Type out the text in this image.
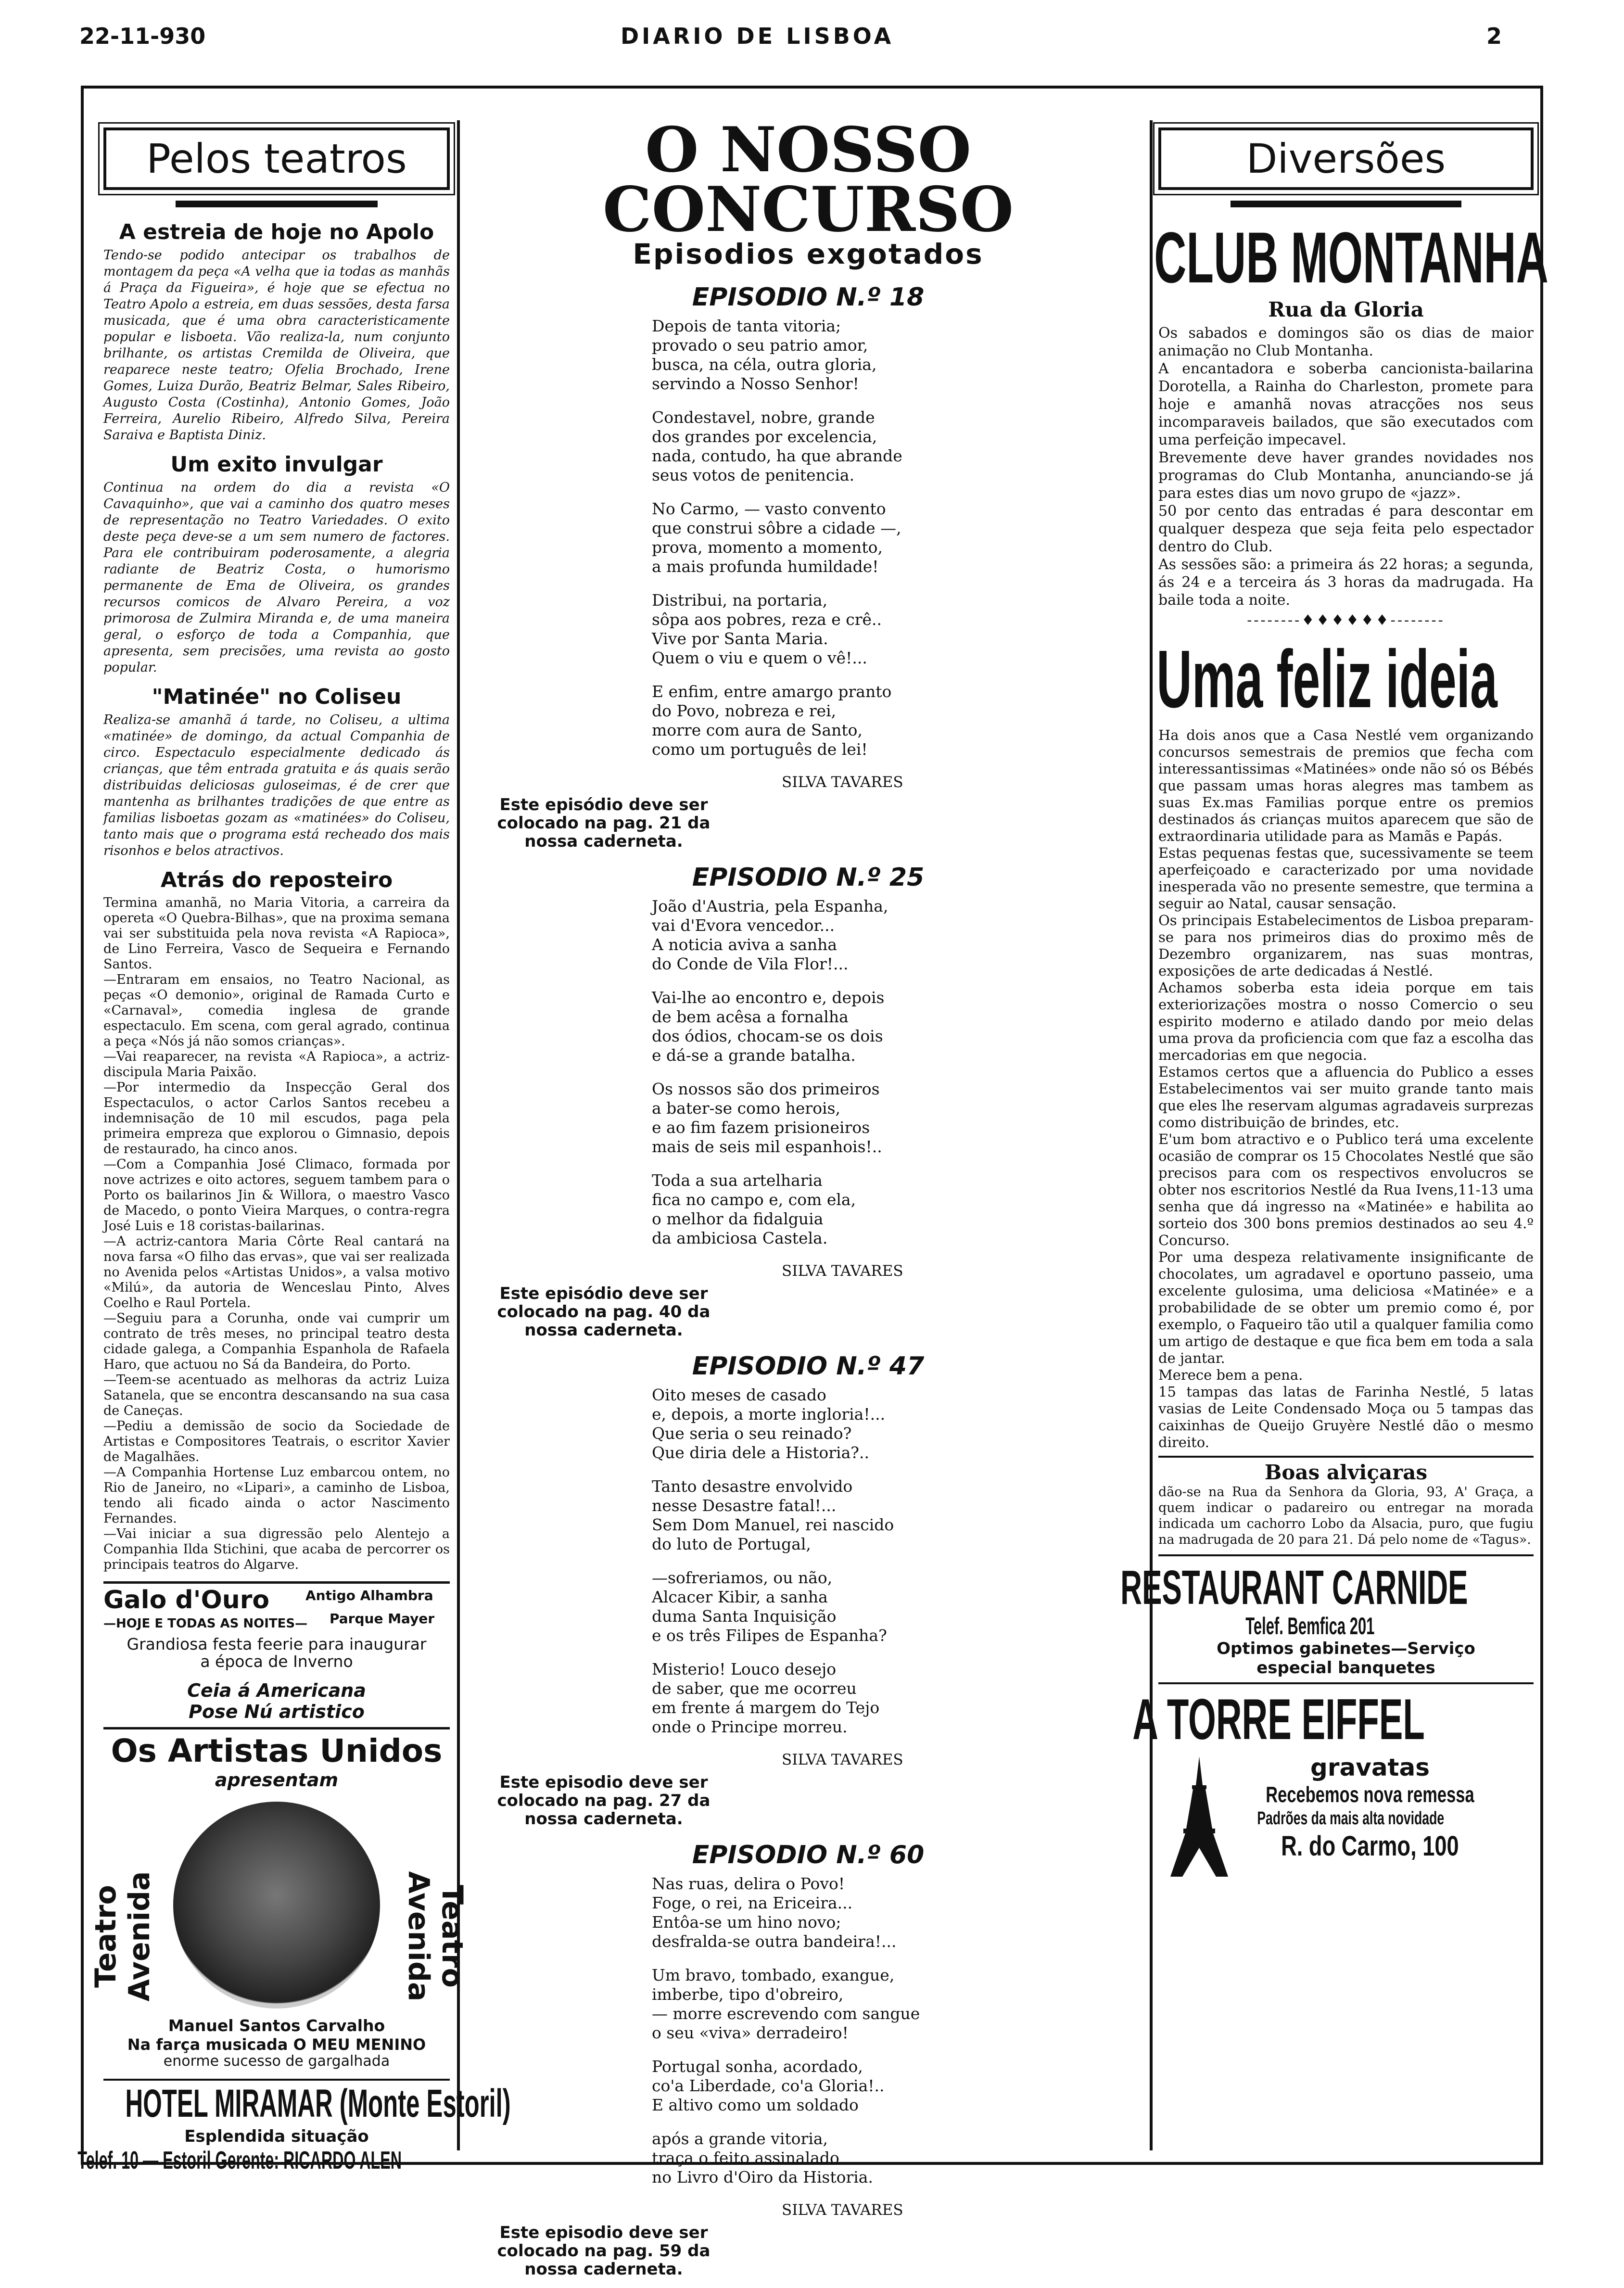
22-11-930	DIARIO DE LISBOA	2
Pelos teatros
A estreia de hoje no Apolo
Tendo-se podido antecipar os trabalhos de montagem da peça «A velha que ia todas as manhãs á Praça da Figueira», é hoje que se efectua no Teatro Apolo a estreia, em duas sessões, desta farsa musicada, que é uma obra caracteristicamente popular e lisboeta. Vão realiza-la, num conjunto brilhante, os artistas Cremilda de Oliveira, que reaparece neste teatro; Ofelia Brochado, Irene Gomes, Luiza Durão, Beatriz Belmar, Sales Ribeiro, Augusto Costa (Costinha), Antonio Gomes, João Ferreira, Aurelio Ribeiro, Alfredo Silva, Pereira Saraiva e Baptista Diniz.
Um exito invulgar
Continua na ordem do dia a revista «O Cavaquinho», que vai a caminho dos quatro meses de representação no Teatro Variedades. O exito deste peça deve-se a um sem numero de factores. Para ele contribuiram poderosamente, a alegria radiante de Beatriz Costa, o humorismo permanente de Ema de Oliveira, os grandes recursos comicos de Alvaro Pereira, a voz primorosa de Zulmira Miranda e, de uma maneira geral, o esforço de toda a Companhia, que apresenta, sem precisões, uma revista ao gosto popular.
"Matinée" no Coliseu
Realiza-se amanhã á tarde, no Coliseu, a ultima «matinée» de domingo, da actual Companhia de circo. Espectaculo especialmente dedicado ás crianças, que têm entrada gratuita e ás quais serão distribuidas deliciosas guloseimas, é de crer que mantenha as brilhantes tradições de que entre as familias lisboetas gozam as «matinées» do Coliseu, tanto mais que o programa está recheado dos mais risonhos e belos atractivos.
Atrás do reposteiro
Termina amanhã, no Maria Vitoria, a carreira da opereta «O Quebra-Bilhas», que na proxima semana vai ser substituida pela nova revista «A Rapioca», de Lino Ferreira, Vasco de Sequeira e Fernando Santos.
—Entraram em ensaios, no Teatro Nacional, as peças «O demonio», original de Ramada Curto e «Carnaval», comedia inglesa de grande espectaculo. Em scena, com geral agrado, continua a peça «Nós já não somos crianças».
—Vai reaparecer, na revista «A Rapioca», a actriz-discipula Maria Paixão.
—Por intermedio da Inspecção Geral dos Espectaculos, o actor Carlos Santos recebeu a indemnisação de 10 mil escudos, paga pela primeira empreza que explorou o Gimnasio, depois de restaurado, ha cinco anos.
—Com a Companhia José Climaco, formada por nove actrizes e oito actores, seguem tambem para o Porto os bailarinos Jin & Willora, o maestro Vasco de Macedo, o ponto Vieira Marques, o contra-regra José Luis e 18 coristas-bailarinas.
—A actriz-cantora Maria Côrte Real cantará na nova farsa «O filho das ervas», que vai ser realizada no Avenida pelos «Artistas Unidos», a valsa motivo «Milú», da autoria de Wenceslau Pinto, Alves Coelho e Raul Portela.
—Seguiu para a Corunha, onde vai cumprir um contrato de três meses, no principal teatro desta cidade galega, a Companhia Espanhola de Rafaela Haro, que actuou no Sá da Bandeira, do Porto.
—Teem-se acentuado as melhoras da actriz Luiza Satanela, que se encontra descansando na sua casa de Caneças.
—Pediu a demissão de socio da Sociedade de Artistas e Compositores Teatrais, o escritor Xavier de Magalhães.
—A Companhia Hortense Luz embarcou ontem, no Rio de Janeiro, no «Lipari», a caminho de Lisboa, tendo ali ficado ainda o actor Nascimento Fernandes.
—Vai iniciar a sua digressão pelo Alentejo a Companhia Ilda Stichini, que acaba de percorrer os principais teatros do Algarve.
Galo d'Ouro
—HOJE E TODAS AS NOITES—
Antigo Alhambra
Parque Mayer
Grandiosa festa feerie para inaugurar
a época de Inverno
Ceia á Americana
Pose Nú artistico
Os Artistas Unidos
apresentam
Teatro Avenida	Teatro Avenida
Manuel Santos Carvalho
Na farça musicada O MEU MENINO
enorme sucesso de gargalhada
HOTEL MIRAMAR (Monte Estoril)
Esplendida situação
Telef. 10 — Estoril Gerente: RICARDO ALEN
O NOSSO CONCURSO
Episodios exgotados
EPISODIO N.º 18
Depois de tanta vitoria;
provado o seu patrio amor,
busca, na céla, outra gloria,
servindo a Nosso Senhor!
Condestavel, nobre, grande
dos grandes por excelencia,
nada, contudo, ha que abrande
seus votos de penitencia.
No Carmo, — vasto convento
que construi sôbre a cidade —,
prova, momento a momento,
a mais profunda humildade!
Distribui, na portaria,
sôpa aos pobres, reza e crê..
Vive por Santa Maria.
Quem o viu e quem o vê!...
E enfim, entre amargo pranto
do Povo, nobreza e rei,
morre com aura de Santo,
como um português de lei!
SILVA TAVARES
Este episódio deve ser colocado na pag. 21 da nossa caderneta.
EPISODIO N.º 25
João d'Austria, pela Espanha,
vai d'Evora vencedor...
A noticia aviva a sanha
do Conde de Vila Flor!...
Vai-lhe ao encontro e, depois
de bem acêsa a fornalha
dos ódios, chocam-se os dois
e dá-se a grande batalha.
Os nossos são dos primeiros
a bater-se como herois,
e ao fim fazem prisioneiros
mais de seis mil espanhois!..
Toda a sua artelharia
fica no campo e, com ela,
o melhor da fidalguia
da ambiciosa Castela.
SILVA TAVARES
Este episódio deve ser colocado na pag. 40 da nossa caderneta.
EPISODIO N.º 47
Oito meses de casado
e, depois, a morte ingloria!...
Que seria o seu reinado?
Que diria dele a Historia?..
Tanto desastre envolvido
nesse Desastre fatal!...
Sem Dom Manuel, rei nascido
do luto de Portugal,
—sofreriamos, ou não,
Alcacer Kibir, a sanha
duma Santa Inquisição
e os três Filipes de Espanha?
Misterio! Louco desejo
de saber, que me ocorreu
em frente á margem do Tejo
onde o Principe morreu.
SILVA TAVARES
Este episodio deve ser colocado na pag. 27 da nossa caderneta.
EPISODIO N.º 60
Nas ruas, delira o Povo!
Foge, o rei, na Ericeira...
Entôa-se um hino novo;
desfralda-se outra bandeira!...
Um bravo, tombado, exangue,
imberbe, tipo d'obreiro,
— morre escrevendo com sangue
o seu «viva» derradeiro!
Portugal sonha, acordado,
co'a Liberdade, co'a Gloria!..
E altivo como um soldado
após a grande vitoria,
traça o feito assinalado
no Livro d'Oiro da Historia.
SILVA TAVARES
Este episodio deve ser colocado na pag. 59 da nossa caderneta.
Diversões
CLUB MONTANHA
Rua da Gloria
Os sabados e domingos são os dias de maior animação no Club Montanha.
A encantadora e soberba cancionista-bailarina Dorotella, a Rainha do Charleston, promete para hoje e amanhã novas atracções nos seus incomparaveis bailados, que são executados com uma perfeição impecavel.
Brevemente deve haver grandes novidades nos programas do Club Montanha, anunciando-se já para estes dias um novo grupo de «jazz».
50 por cento das entradas é para descontar em qualquer despeza que seja feita pelo espectador dentro do Club.
As sessões são: a primeira ás 22 horas; a segunda, ás 24 e a terceira ás 3 horas da madrugada. Ha baile toda a noite.
--------♦♦♦♦♦♦--------
Uma feliz ideia
Ha dois anos que a Casa Nestlé vem organizando concursos semestrais de premios que fecha com interessantissimas «Matinées» onde não só os Bébés que passam umas horas alegres mas tambem as suas Ex.mas Familias porque entre os premios destinados ás crianças muitos aparecem que são de extraordinaria utilidade para as Mamãs e Papás.
Estas pequenas festas que, sucessivamente se teem aperfeiçoado e caracterizado por uma novidade inesperada vão no presente semestre, que termina a seguir ao Natal, causar sensação.
Os principais Estabelecimentos de Lisboa preparam-se para nos primeiros dias do proximo mês de Dezembro organizarem, nas suas montras, exposições de arte dedicadas á Nestlé.
Achamos soberba esta ideia porque em tais exteriorizações mostra o nosso Comercio o seu espirito moderno e atilado dando por meio delas uma prova da proficiencia com que faz a escolha das mercadorias em que negocia.
Estamos certos que a afluencia do Publico a esses Estabelecimentos vai ser muito grande tanto mais que eles lhe reservam algumas agradaveis surprezas como distribuição de brindes, etc.
E'um bom atractivo e o Publico terá uma excelente ocasião de comprar os 15 Chocolates Nestlé que são precisos para com os respectivos envolucros se obter nos escritorios Nestlé da Rua Ivens,11-13 uma senha que dá ingresso na «Matinée» e habilita ao sorteio dos 300 bons premios destinados ao seu 4.º Concurso.
Por uma despeza relativamente insignificante de chocolates, um agradavel e oportuno passeio, uma excelente gulosima, uma deliciosa «Matinée» e a probabilidade de se obter um premio como é, por exemplo, o Faqueiro tão util a qualquer familia como um artigo de destaque e que fica bem em toda a sala de jantar.
Merece bem a pena.
15 tampas das latas de Farinha Nestlé, 5 latas vasias de Leite Condensado Moça ou 5 tampas das caixinhas de Queijo Gruyère Nestlé dão o mesmo direito.
Boas alviçaras
dão-se na Rua da Senhora da Gloria, 93, A' Graça, a quem indicar o padareiro ou entregar na morada indicada um cachorro Lobo da Alsacia, puro, que fugiu na madrugada de 20 para 21. Dá pelo nome de «Tagus».
RESTAURANT CARNIDE
Telef. Bemfica 201
Optimos gabinetes—Serviço
especial banquetes
A TORRE EIFFEL
gravatas
Recebemos nova remessa
Padrões da mais alta novidade
R. do Carmo, 100
